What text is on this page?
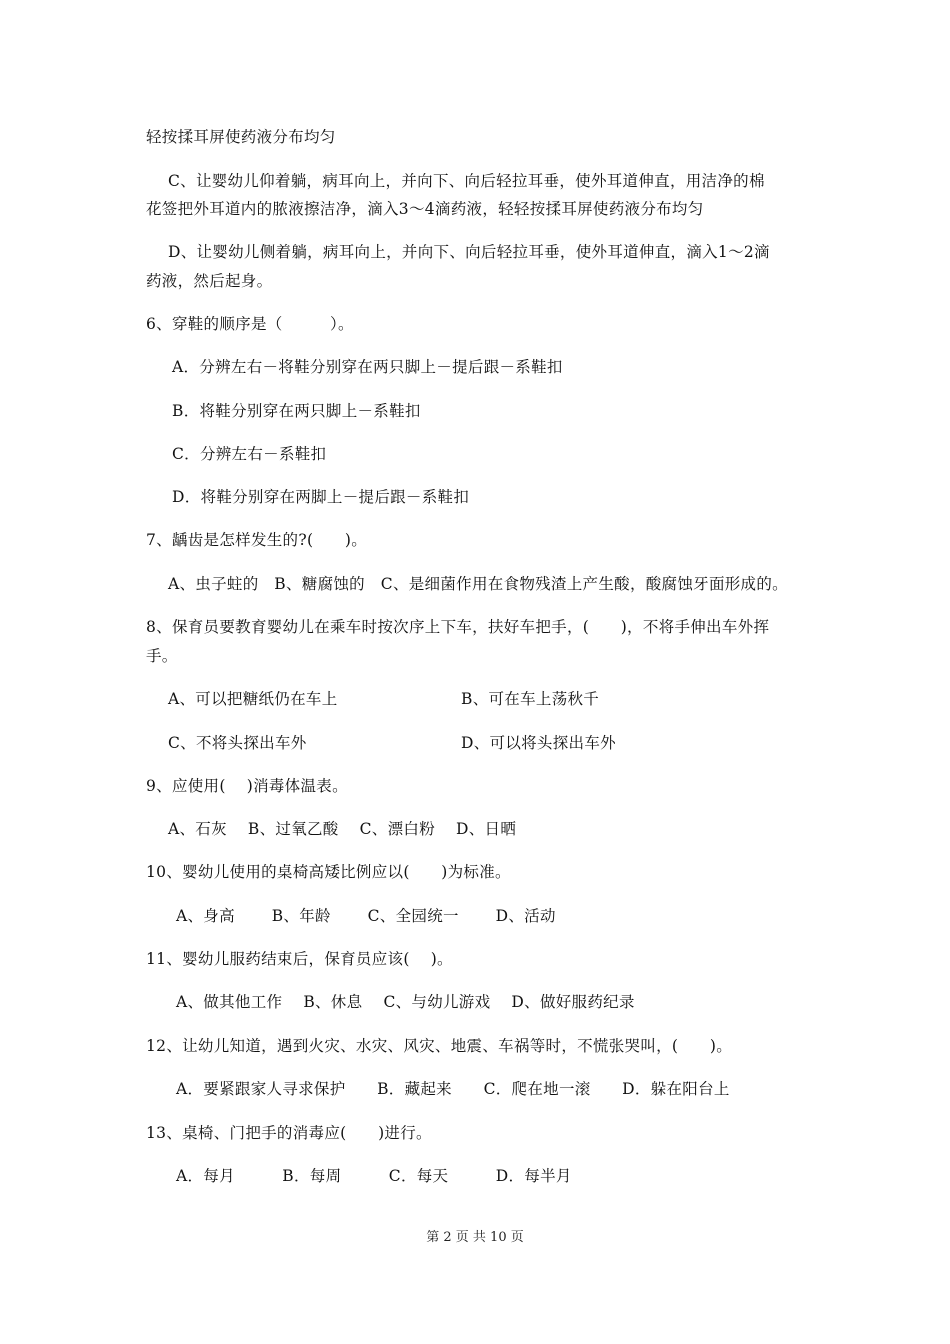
轻按揉耳屏使药液分布均匀
C、让婴幼儿仰着躺，病耳向上，并向下、向后轻拉耳垂，使外耳道伸直，用洁净的棉
花签把外耳道内的脓液擦洁净，滴入3～4滴药液，轻轻按揉耳屏使药液分布均匀
D、让婴幼儿侧着躺，病耳向上，并向下、向后轻拉耳垂，使外耳道伸直，滴入1～2滴
药液，然后起身。
6、穿鞋的顺序是（　　　）。
A．分辨左右－将鞋分别穿在两只脚上－提后跟－系鞋扣
B．将鞋分别穿在两只脚上－系鞋扣
C．分辨左右－系鞋扣
D．将鞋分别穿在两脚上－提后跟－系鞋扣
7、龋齿是怎样发生的?(　　)。
A、虫子蛀的　B、糖腐蚀的　C、是细菌作用在食物残渣上产生酸，酸腐蚀牙面形成的。
8、保育员要教育婴幼儿在乘车时按次序上下车，扶好车把手，(　　)，不将手伸出车外挥
手。
A、可以把糖纸仍在车上	B、可在车上荡秋千
C、不将头探出车外	D、可以将头探出车外
9、应使用(　 )消毒体温表。
A、石灰　 B、过氧乙酸　 C、漂白粉　 D、日晒
10、婴幼儿使用的桌椅高矮比例应以(　　)为标准。
A、身高　　 B、年龄　　 C、全园统一　　 D、活动
11、婴幼儿服药结束后，保育员应该(　 )。
A、做其他工作　 B、休息　 C、与幼儿游戏　 D、做好服药纪录
12、让幼儿知道，遇到火灾、水灾、风灾、地震、车祸等时，不慌张哭叫，(　　)。
A．要紧跟家人寻求保护　　B．藏起来　　C．爬在地一滚　　D．躲在阳台上
13、桌椅、门把手的消毒应(　　)进行。
A．每月　　　B．每周　　　C．每天　　　D．每半月
第 2 页 共 10 页
